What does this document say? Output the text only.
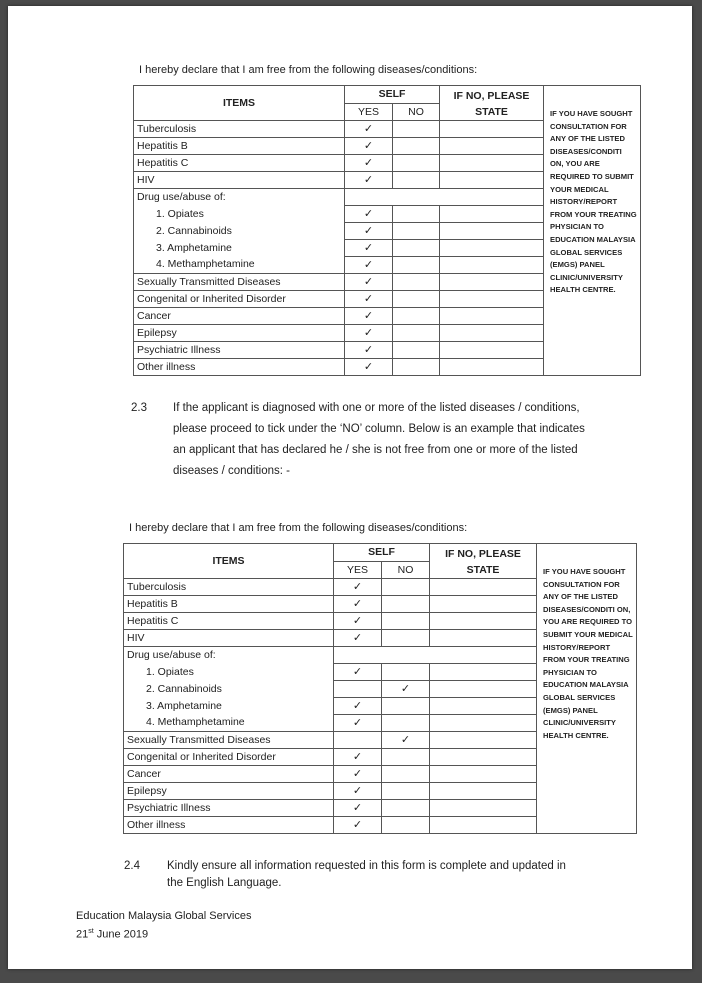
I hereby declare that I am free from the following diseases/conditions:
ITEMS	SELF		IF NO, PLEASE STATE	IF YOU HAVE SOUGHT CONSULTATION FOR ANY OF THE LISTED DISEASES/CONDITI ON, YOU ARE REQUIRED TO SUBMIT YOUR MEDICAL HISTORY/REPORT FROM YOUR TREATING PHYSICIAN TO EDUCATION MALAYSIA GLOBAL SERVICES (EMGS) PANEL CLINIC/UNIVERSITY HEALTH CENTRE.
	YES	NO		
Tuberculosis	✓			
Hepatitis B	✓			
Hepatitis C	✓			
HIV	✓			
Drug use/abuse of:				
1. Opiates	✓			
2. Cannabinoids	✓			
3. Amphetamine	✓			
4. Methamphetamine	✓			
Sexually Transmitted Diseases	✓			
Congenital or Inherited Disorder	✓			
Cancer	✓			
Epilepsy	✓			
Psychiatric Illness	✓			
Other illness	✓			
2.3 If the applicant is diagnosed with one or more of the listed diseases / conditions,
please proceed to tick under the ‘NO’ column. Below is an example that indicates
an applicant that has declared he / she is not free from one or more of the listed
diseases / conditions: -
I hereby declare that I am free from the following diseases/conditions:
ITEMS	SELF		IF NO, PLEASE STATE	IF YOU HAVE SOUGHT CONSULTATION FOR ANY OF THE LISTED DISEASES/CONDITI ON, YOU ARE REQUIRED TO SUBMIT YOUR MEDICAL HISTORY/REPORT FROM YOUR TREATING PHYSICIAN TO EDUCATION MALAYSIA GLOBAL SERVICES (EMGS) PANEL CLINIC/UNIVERSITY HEALTH CENTRE.
	YES	NO		
Tuberculosis	✓			
Hepatitis B	✓			
Hepatitis C	✓			
HIV	✓			
Drug use/abuse of:				
1. Opiates	✓			
2. Cannabinoids		✓		
3. Amphetamine	✓			
4. Methamphetamine	✓			
Sexually Transmitted Diseases		✓		
Congenital or Inherited Disorder	✓			
Cancer	✓			
Epilepsy	✓			
Psychiatric Illness	✓			
Other illness	✓			
2.4 Kindly ensure all information requested in this form is complete and updated in
the English Language.
Education Malaysia Global Services
21st June 2019
